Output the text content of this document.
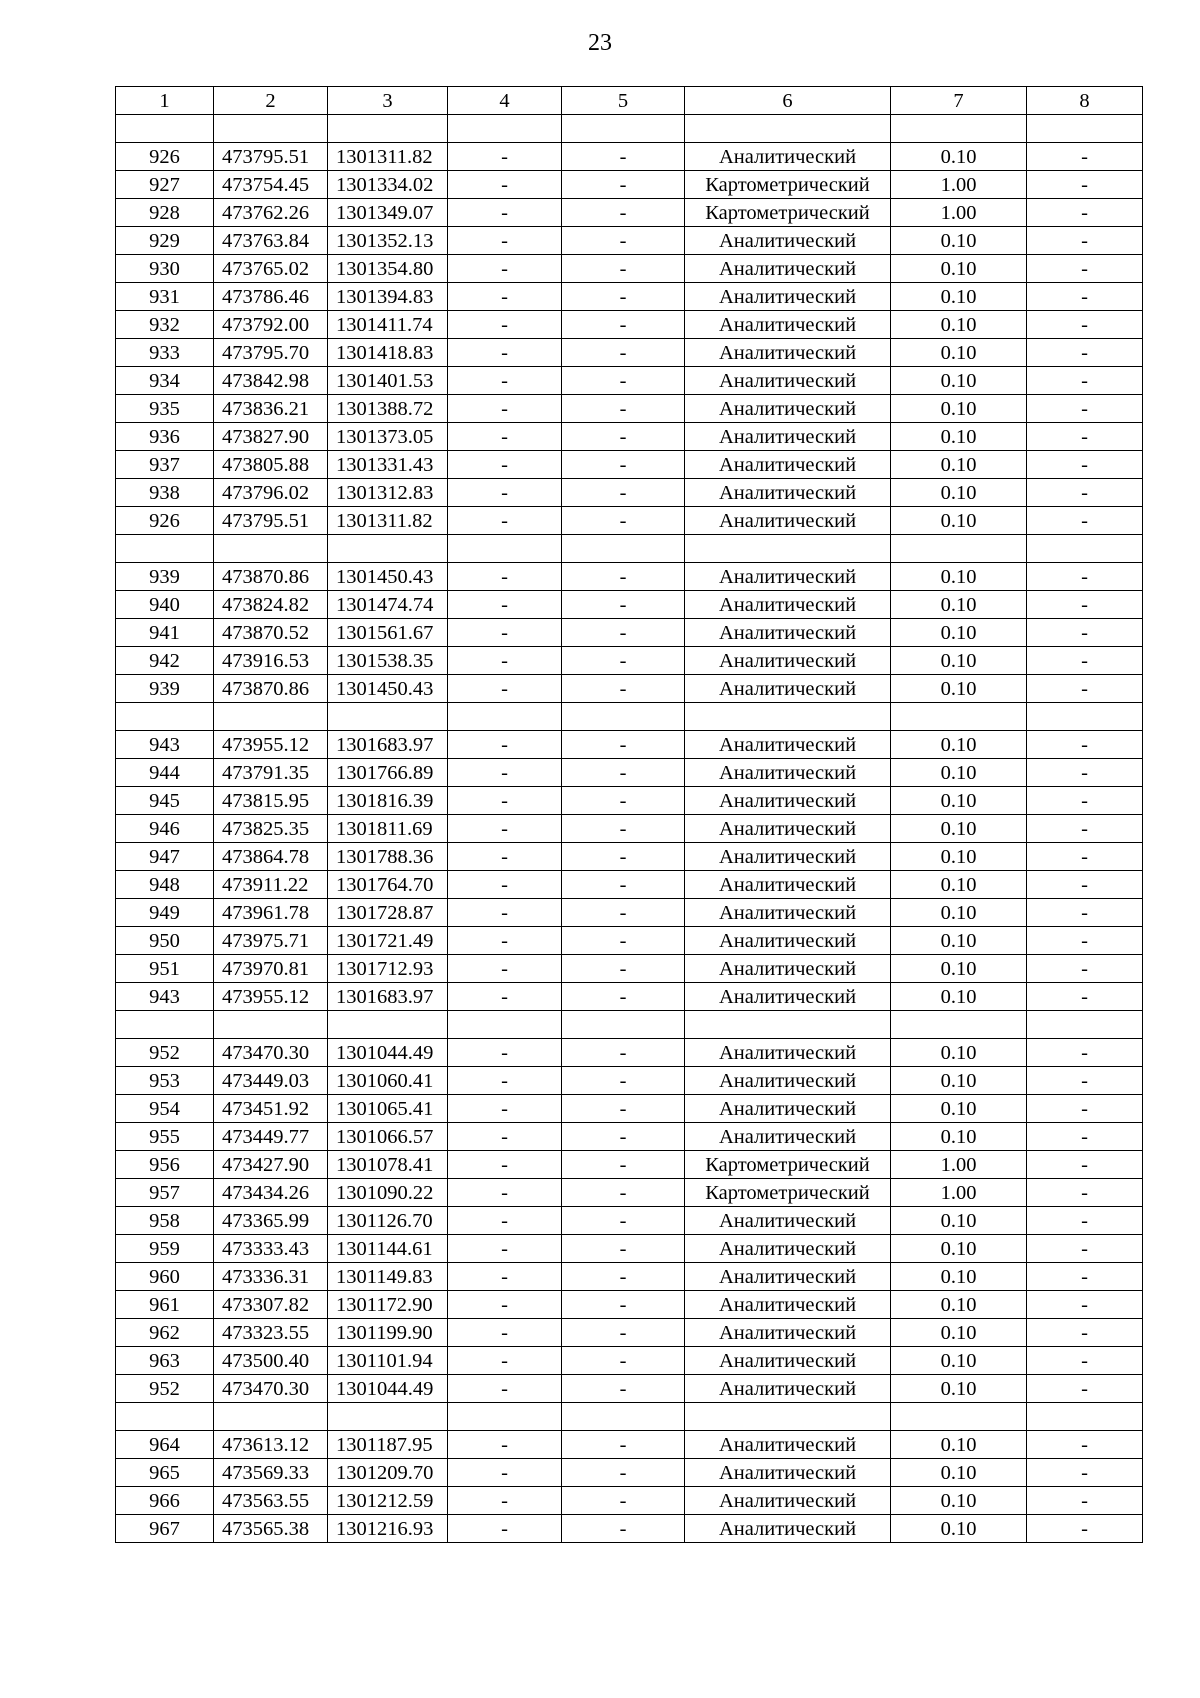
23
1	2	3	4	5	6	7	8

926	473795.51	1301311.82	-	-	Аналитический	0.10	-
927	473754.45	1301334.02	-	-	Картометрический	1.00	-
928	473762.26	1301349.07	-	-	Картометрический	1.00	-
929	473763.84	1301352.13	-	-	Аналитический	0.10	-
930	473765.02	1301354.80	-	-	Аналитический	0.10	-
931	473786.46	1301394.83	-	-	Аналитический	0.10	-
932	473792.00	1301411.74	-	-	Аналитический	0.10	-
933	473795.70	1301418.83	-	-	Аналитический	0.10	-
934	473842.98	1301401.53	-	-	Аналитический	0.10	-
935	473836.21	1301388.72	-	-	Аналитический	0.10	-
936	473827.90	1301373.05	-	-	Аналитический	0.10	-
937	473805.88	1301331.43	-	-	Аналитический	0.10	-
938	473796.02	1301312.83	-	-	Аналитический	0.10	-
926	473795.51	1301311.82	-	-	Аналитический	0.10	-

939	473870.86	1301450.43	-	-	Аналитический	0.10	-
940	473824.82	1301474.74	-	-	Аналитический	0.10	-
941	473870.52	1301561.67	-	-	Аналитический	0.10	-
942	473916.53	1301538.35	-	-	Аналитический	0.10	-
939	473870.86	1301450.43	-	-	Аналитический	0.10	-

943	473955.12	1301683.97	-	-	Аналитический	0.10	-
944	473791.35	1301766.89	-	-	Аналитический	0.10	-
945	473815.95	1301816.39	-	-	Аналитический	0.10	-
946	473825.35	1301811.69	-	-	Аналитический	0.10	-
947	473864.78	1301788.36	-	-	Аналитический	0.10	-
948	473911.22	1301764.70	-	-	Аналитический	0.10	-
949	473961.78	1301728.87	-	-	Аналитический	0.10	-
950	473975.71	1301721.49	-	-	Аналитический	0.10	-
951	473970.81	1301712.93	-	-	Аналитический	0.10	-
943	473955.12	1301683.97	-	-	Аналитический	0.10	-

952	473470.30	1301044.49	-	-	Аналитический	0.10	-
953	473449.03	1301060.41	-	-	Аналитический	0.10	-
954	473451.92	1301065.41	-	-	Аналитический	0.10	-
955	473449.77	1301066.57	-	-	Аналитический	0.10	-
956	473427.90	1301078.41	-	-	Картометрический	1.00	-
957	473434.26	1301090.22	-	-	Картометрический	1.00	-
958	473365.99	1301126.70	-	-	Аналитический	0.10	-
959	473333.43	1301144.61	-	-	Аналитический	0.10	-
960	473336.31	1301149.83	-	-	Аналитический	0.10	-
961	473307.82	1301172.90	-	-	Аналитический	0.10	-
962	473323.55	1301199.90	-	-	Аналитический	0.10	-
963	473500.40	1301101.94	-	-	Аналитический	0.10	-
952	473470.30	1301044.49	-	-	Аналитический	0.10	-

964	473613.12	1301187.95	-	-	Аналитический	0.10	-
965	473569.33	1301209.70	-	-	Аналитический	0.10	-
966	473563.55	1301212.59	-	-	Аналитический	0.10	-
967	473565.38	1301216.93	-	-	Аналитический	0.10	-
